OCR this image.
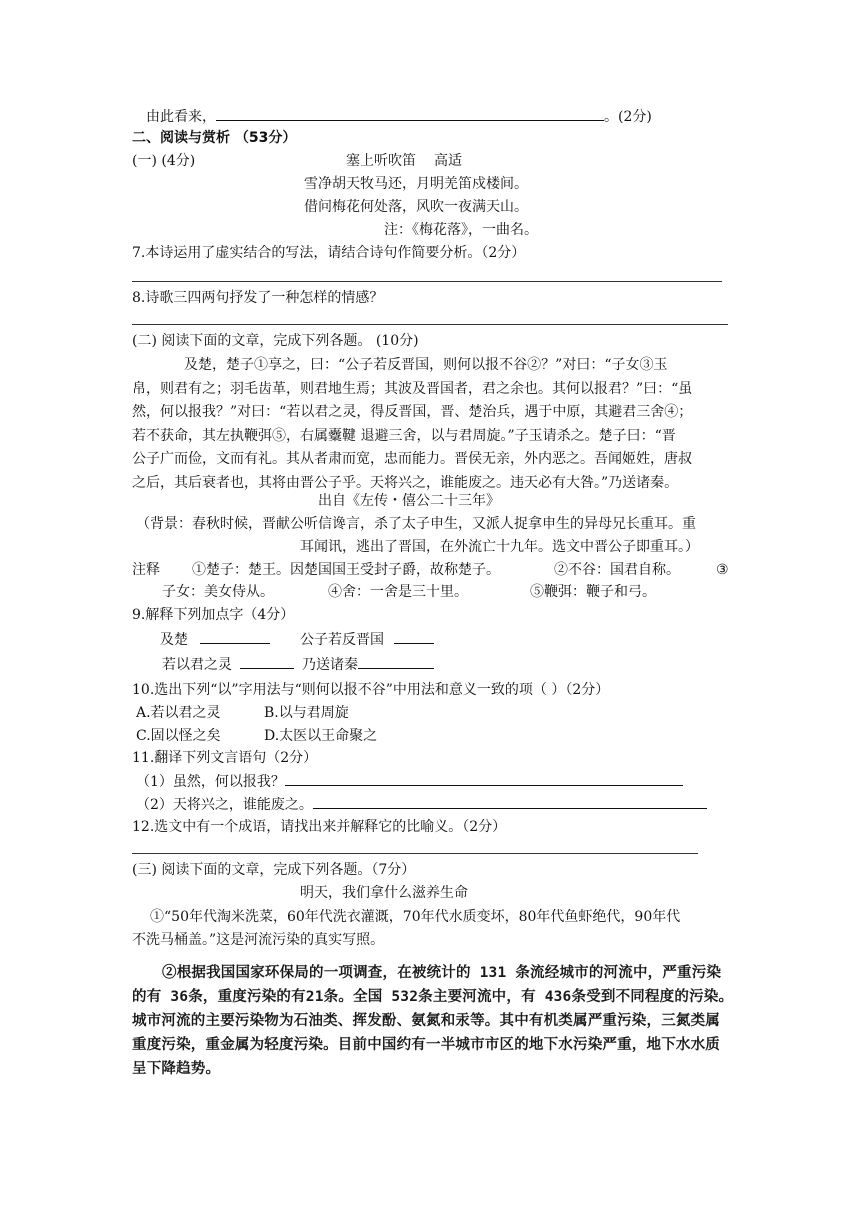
由此看来，	。(2分)
二、阅读与赏析 （53分）
(一) (4分)	塞上听吹笛 高适
雪净胡天牧马还，月明羌笛戍楼间。
借问梅花何处落，风吹一夜满天山。
注：《梅花落》，一曲名。
7.本诗运用了虚实结合的写法，请结合诗句作简要分析。（2分）
8.诗歌三四两句抒发了一种怎样的情感？
(二) 阅读下面的文章，完成下列各题。 (10分)
及楚，楚子①享之，曰：“公子若反晋国，则何以报不谷②？”对曰：“子女③玉
帛，则君有之；羽毛齿革，则君地生焉；其波及晋国者，君之余也。其何以报君？”曰：“虽
然，何以报我？”对曰：“若以君之灵，得反晋国，晋、楚治兵，遇于中原，其避君三舍④；
若不获命，其左执鞭弭⑤，右属櫜鞬 退避三舍，以与君周旋。”子玉请杀之。楚子曰：“晋
公子广而俭，文而有礼。其从者肃而宽，忠而能力。晋侯无亲，外内恶之。吾闻姬姓，唐叔
之后，其后衰者也，其将由晋公子乎。天将兴之，谁能废之。违天必有大咎。”乃送诸秦。
出自《左传・僖公二十三年》
（背景：春秋时候，晋献公听信谗言，杀了太子申生，又派人捉拿申生的异母兄长重耳。重
耳闻讯，逃出了晋国，在外流亡十九年。选文中晋公子即重耳。）
注释 ①楚子：楚王。因楚国国王受封子爵，故称楚子。	②不谷：国君自称。	③
子女：美女侍从。	④舍：一舍是三十里。	⑤鞭弭：鞭子和弓。
9.解释下列加点字（4分）
及楚	公子若反晋国
若以君之灵	乃送诸秦
10.选出下列“以”字用法与“则何以报不谷”中用法和意义一致的项（ ）（2分）
A.若以君之灵	B.以与君周旋
C.固以怪之矣	D.太医以王命聚之
11.翻译下列文言语句（2分）
（1）虽然，何以报我？
（2）天将兴之，谁能废之。
12.选文中有一个成语，请找出来并解释它的比喻义。（2分）
(三) 阅读下面的文章，完成下列各题。（7分）
明天，我们拿什么滋养生命
①“50年代淘米洗菜，60年代洗衣灌溉，70年代水质变坏，80年代鱼虾绝代，90年代
不洗马桶盖。”这是河流污染的真实写照。
②根据我国国家环保局的一项调查，在被统计的 131 条流经城市的河流中，严重污染
的有 36条，重度污染的有21条。全国 532条主要河流中，有 436条受到不同程度的污染。
城市河流的主要污染物为石油类、挥发酚、氨氮和汞等。其中有机类属严重污染，三氮类属
重度污染，重金属为轻度污染。目前中国约有一半城市市区的地下水污染严重，地下水水质
呈下降趋势。
